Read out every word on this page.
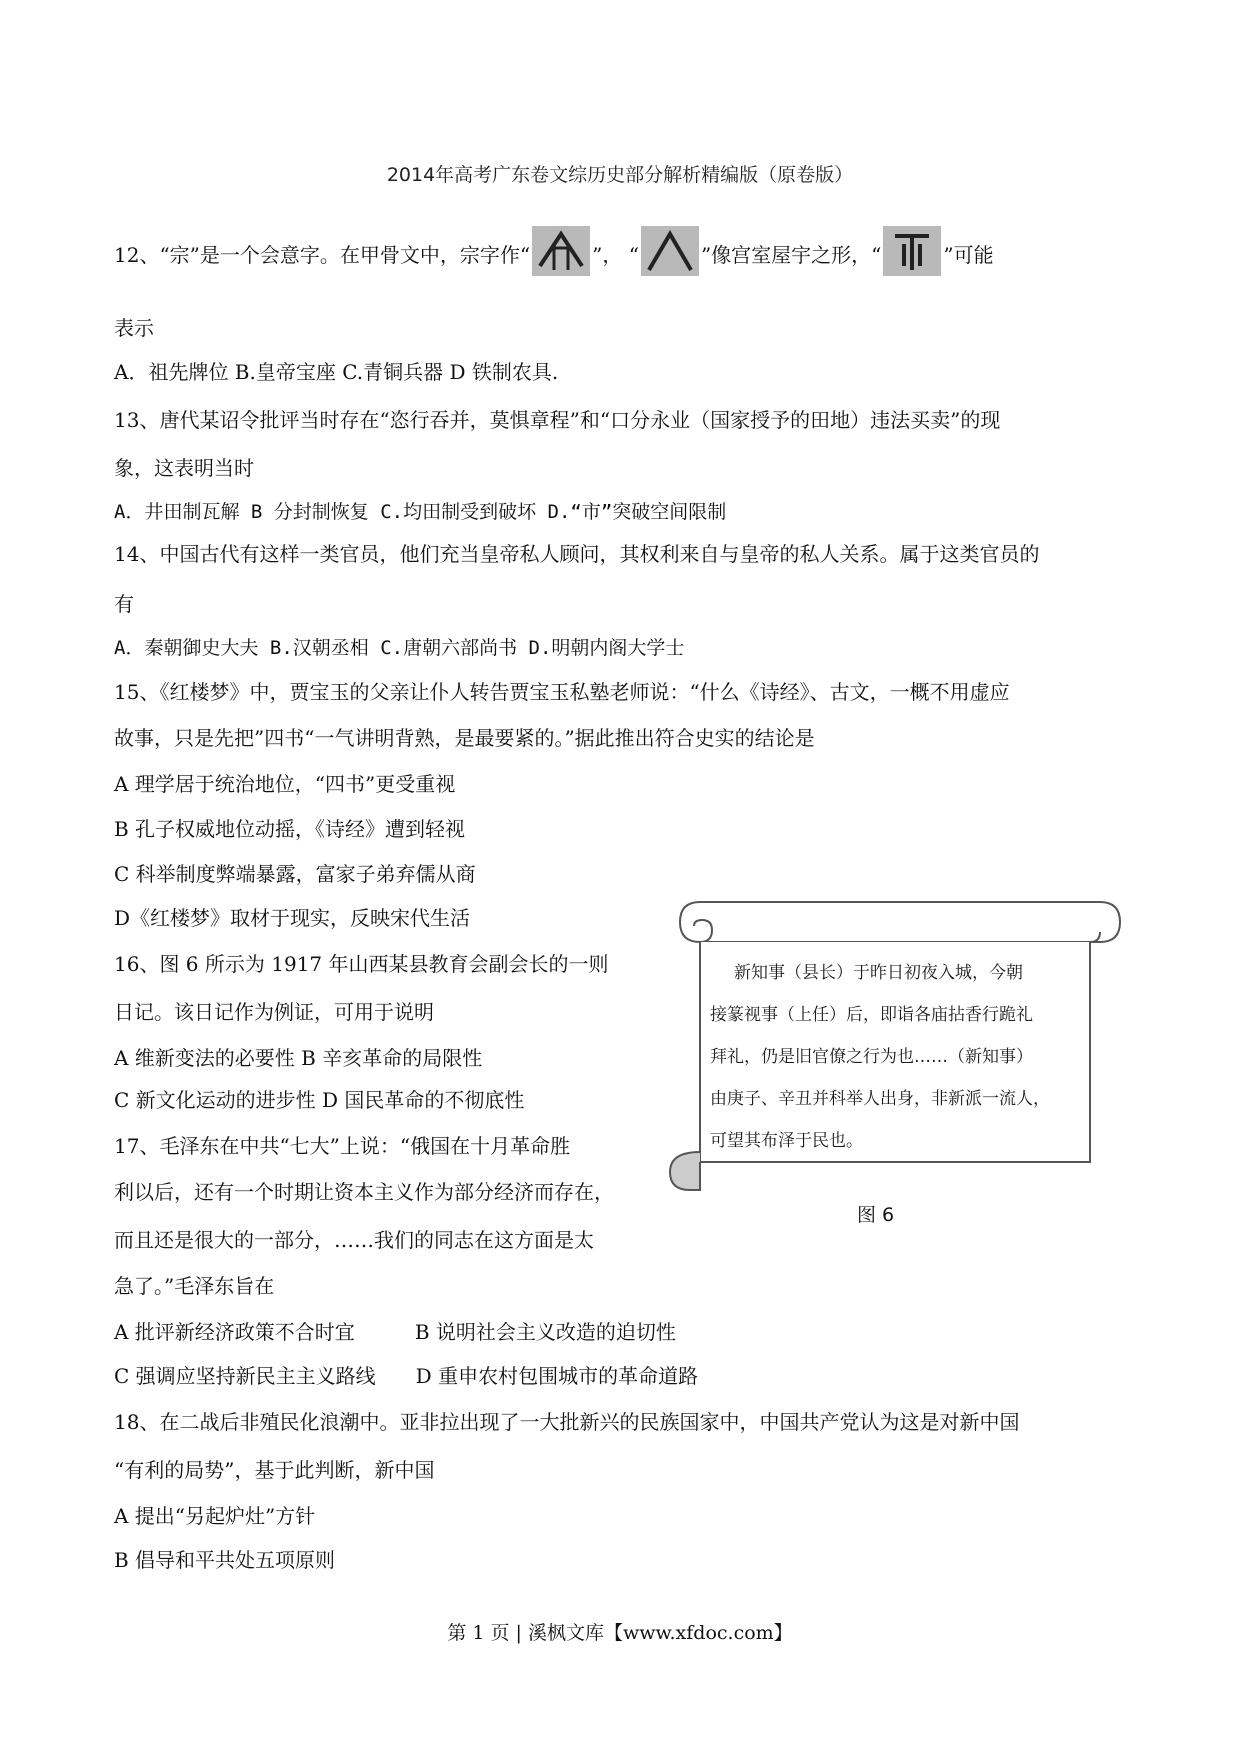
2014年高考广东卷文综历史部分解析精编版（原卷版）
12、“宗”是一个会意字。在甲骨文中，宗字作“	”， “	”像宫室屋宇之形，“	”可能
表示
A．祖先牌位 B.皇帝宝座 C.青铜兵器 D 铁制农具.
13、唐代某诏令批评当时存在“恣行吞并，莫惧章程”和“口分永业（国家授予的田地）违法买卖”的现
象，这表明当时
A．井田制瓦解 B 分封制恢复 C.均田制受到破坏 D.“市”突破空间限制
14、中国古代有这样一类官员，他们充当皇帝私人顾问，其权利来自与皇帝的私人关系。属于这类官员的
有
A．秦朝御史大夫 B.汉朝丞相 C.唐朝六部尚书 D.明朝内阁大学士
15、《红楼梦》中，贾宝玉的父亲让仆人转告贾宝玉私塾老师说：“什么《诗经》、古文，一概不用虚应
故事，只是先把”四书“一气讲明背熟，是最要紧的。”据此推出符合史实的结论是
A 理学居于统治地位，“四书”更受重视
B 孔子权威地位动摇，《诗经》遭到轻视
C 科举制度弊端暴露，富家子弟弃儒从商
D《红楼梦》取材于现实，反映宋代生活
16、图 6 所示为 1917 年山西某县教育会副会长的一则
日记。该日记作为例证，可用于说明
A 维新变法的必要性 B 辛亥革命的局限性
C 新文化运动的进步性 D 国民革命的不彻底性
新知事（县长）于昨日初夜入城，今朝
接篆视事（上任）后，即诣各庙拈香行跪礼
拜礼，仍是旧官僚之行为也……（新知事）
由庚子、辛丑并科举人出身，非新派一流人，
可望其布泽于民也。
图 6
17、毛泽东在中共“七大”上说：“俄国在十月革命胜
利以后，还有一个时期让资本主义作为部分经济而存在，
而且还是很大的一部分，……我们的同志在这方面是太
急了。”毛泽东旨在
A 批评新经济政策不合时宜	B 说明社会主义改造的迫切性
C 强调应坚持新民主主义路线 D 重申农村包围城市的革命道路
18、在二战后非殖民化浪潮中。亚非拉出现了一大批新兴的民族国家中，中国共产党认为这是对新中国
“有利的局势”，基于此判断，新中国
A 提出“另起炉灶”方针
B 倡导和平共处五项原则
第 1 页 | 溪枫文库【www.xfdoc.com】
